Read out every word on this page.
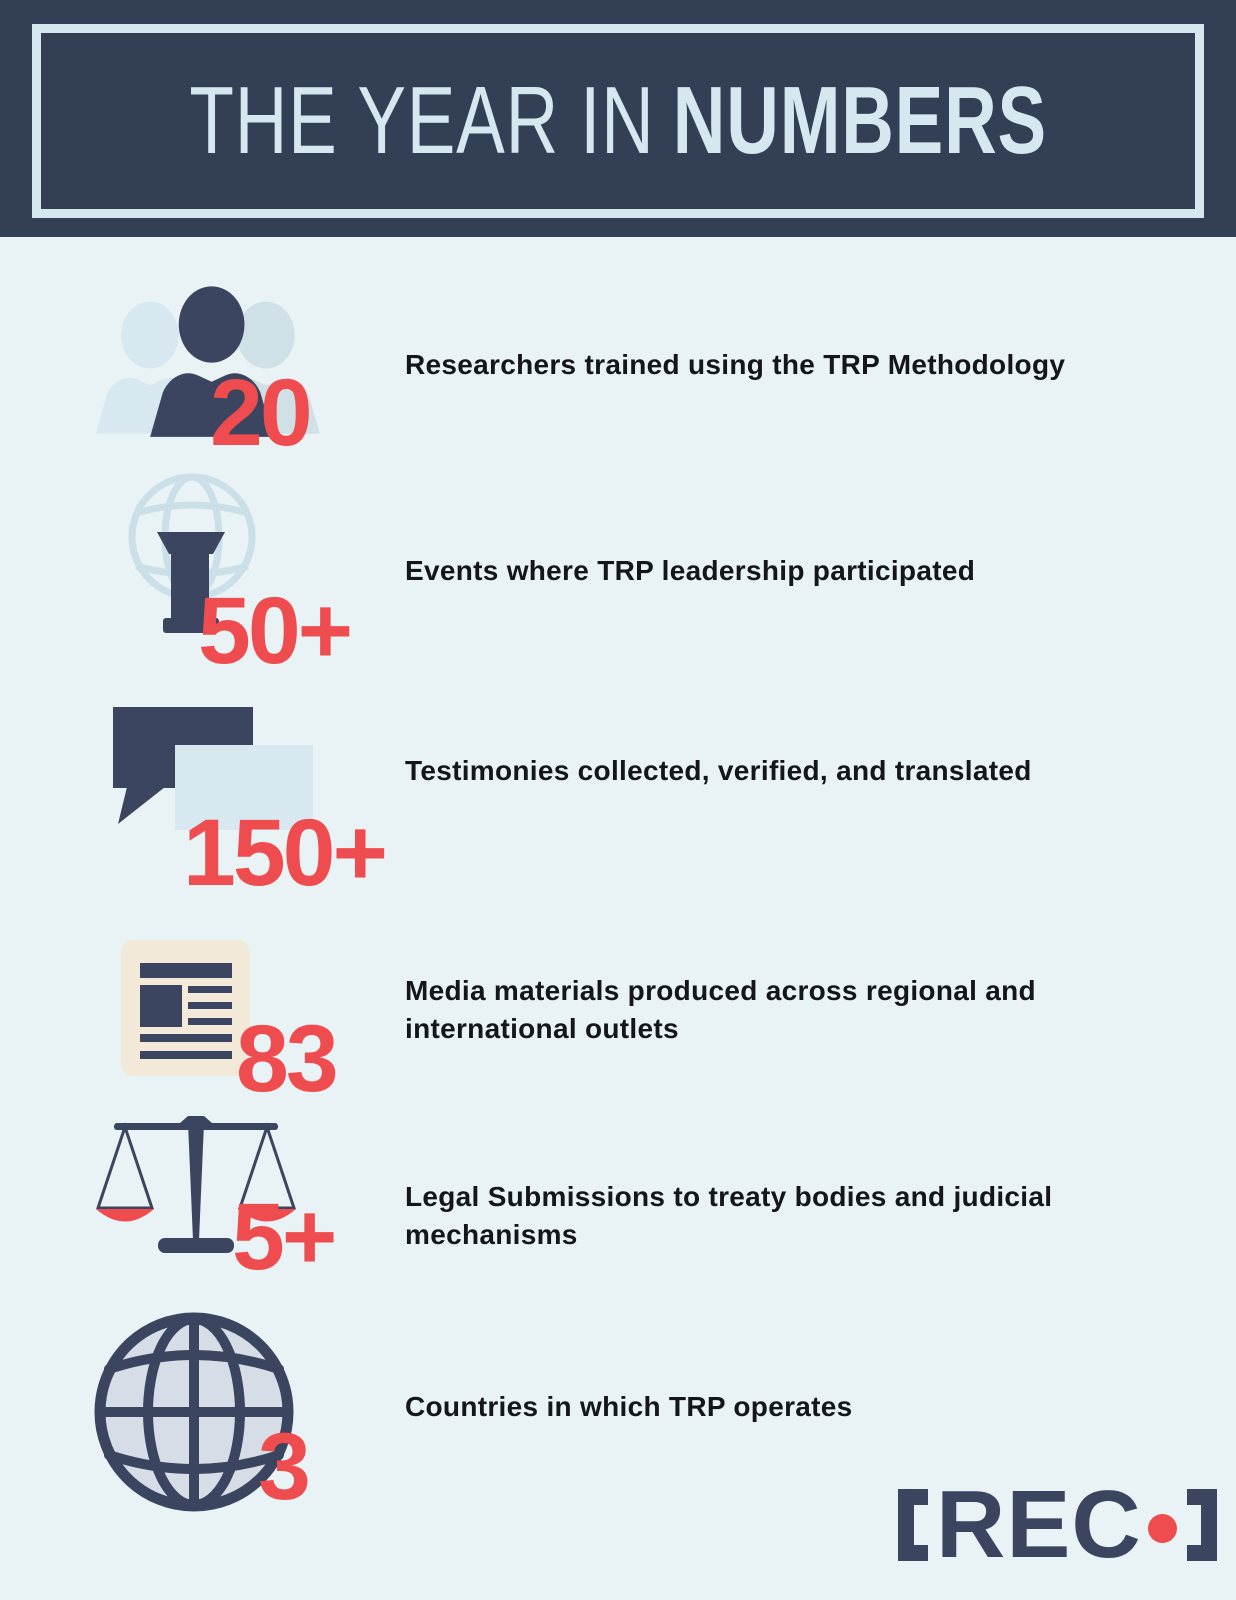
THE YEAR IN NUMBERS
20	Researchers trained using the TRP Methodology
50+
Events where TRP leadership participated
150+
Testimonies collected, verified, and translated
83
Media materials produced across regional and international outlets
5+	Legal Submissions to treaty bodies and judicial mechanisms
3
Countries in which TRP operates
REC
